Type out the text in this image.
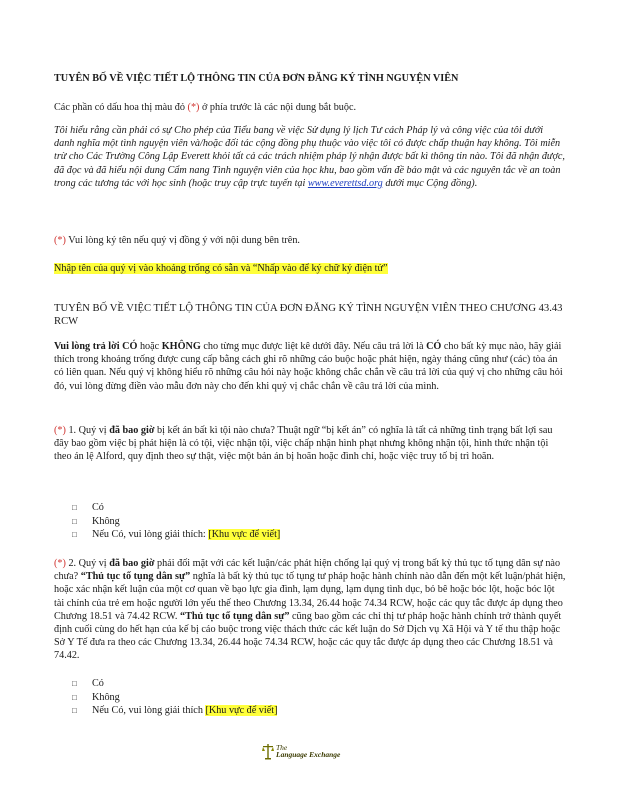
TUYÊN BỐ VỀ VIỆC TIẾT LỘ THÔNG TIN CỦA ĐƠN ĐĂNG KÝ TÌNH NGUYỆN VIÊN
Các phần có dấu hoa thị màu đỏ (*) ở phía trước là các nội dung bắt buộc.
Tôi hiểu rằng cần phải có sự Cho phép của Tiểu bang về việc Sử dụng lý lịch Tư cách Pháp lý và công việc của tôi dưới danh nghĩa một tình nguyện viên và/hoặc đối tác cộng đồng phụ thuộc vào việc tôi có được chấp thuận hay không. Tôi miễn trừ cho Các Trường Công Lập Everett khỏi tất cả các trách nhiệm pháp lý nhận được bất kì thông tin nào. Tôi đã nhận được, đã đọc và đã hiểu nội dung Cẩm nang Tình nguyện viên của học khu, bao gồm vấn đề bảo mật và các nguyên tắc về an toàn trong các tương tác với học sinh (hoặc truy cập trực tuyến tại www.everettsd.org dưới mục Cộng đồng).
(*) Vui lòng ký tên nếu quý vị đồng ý với nội dung bên trên.
Nhập tên của quý vị vào khoảng trống có sẵn và “Nhấp vào để ký chữ ký điện tử”
TUYÊN BỐ VỀ VIỆC TIẾT LỘ THÔNG TIN CỦA ĐƠN ĐĂNG KÝ TÌNH NGUYỆN VIÊN THEO CHƯƠNG 43.43 RCW
Vui lòng trả lời CÓ hoặc KHÔNG cho từng mục được liệt kê dưới đây. Nếu câu trả lời là CÓ cho bất kỳ mục nào, hãy giải thích trong khoảng trống được cung cấp bằng cách ghi rõ những cáo buộc hoặc phát hiện, ngày tháng cũng như (các) tòa án có liên quan. Nếu quý vị không hiểu rõ những câu hỏi này hoặc không chắc chắn về câu trả lời của quý vị cho những câu hỏi đó, vui lòng đừng điền vào mẫu đơn này cho đến khi quý vị chắc chắn về câu trả lời của mình.
(*) 1. Quý vị đã bao giờ bị kết án bất kì tội nào chưa? Thuật ngữ “bị kết án” có nghĩa là tất cả những tình trạng bất lợi sau đây bao gồm việc bị phát hiện là có tội, việc nhận tội, việc chấp nhận hình phạt nhưng không nhận tội, hình thức nhận tội theo án lệ Alford, quy định theo sự thật, việc một bản án bị hoãn hoặc đình chỉ, hoặc việc truy tố bị trì hoãn.
□ Có
□ Không
□ Nếu Có, vui lòng giải thích: [Khu vực để viết]
(*) 2. Quý vị đã bao giờ phải đối mặt với các kết luận/các phát hiện chống lại quý vị trong bất kỳ thủ tục tố tụng dân sự nào chưa? “Thủ tục tố tụng dân sự” nghĩa là bất kỳ thủ tục tố tụng tư pháp hoặc hành chính nào dẫn đến một kết luận/phát hiện, hoặc xác nhận kết luận của một cơ quan về bạo lực gia đình, lạm dụng, lạm dụng tình dục, bỏ bê hoặc bóc lột, hoặc bóc lột tài chính của trẻ em hoặc người lớn yếu thế theo Chương 13.34, 26.44 hoặc 74.34 RCW, hoặc các quy tắc được áp dụng theo Chương 18.51 và 74.42 RCW. “Thủ tục tố tụng dân sự” cũng bao gồm các chỉ thị tư pháp hoặc hành chính trở thành quyết định cuối cùng do hết hạn của kế bị cáo buộc trong việc thách thức các kết luận do Sở Dịch vụ Xã Hội và Y tế thu thập hoặc Sở Y Tế đưa ra theo các Chương 13.34, 26.44 hoặc 74.34 RCW, hoặc các quy tắc được áp dụng theo các Chương 18.51 và 74.42.
□ Có
□ Không
□ Nếu Có, vui lòng giải thích [Khu vực để viết]
The
Language Exchange
